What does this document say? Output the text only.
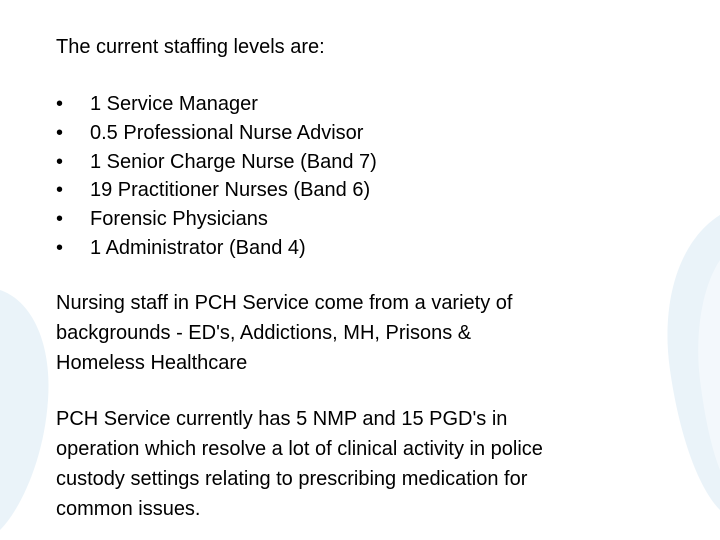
The current staffing levels are:

• 1 Service Manager
• 0.5 Professional Nurse Advisor
• 1 Senior Charge Nurse (Band 7)
• 19 Practitioner Nurses (Band 6)
• Forensic Physicians
• 1 Administrator (Band 4)

Nursing staff in PCH Service come from a variety of
backgrounds - ED's, Addictions, MH, Prisons &
Homeless Healthcare

PCH Service currently has 5 NMP and 15 PGD's in
operation which resolve a lot of clinical activity in police
custody settings relating to prescribing medication for
common issues.
